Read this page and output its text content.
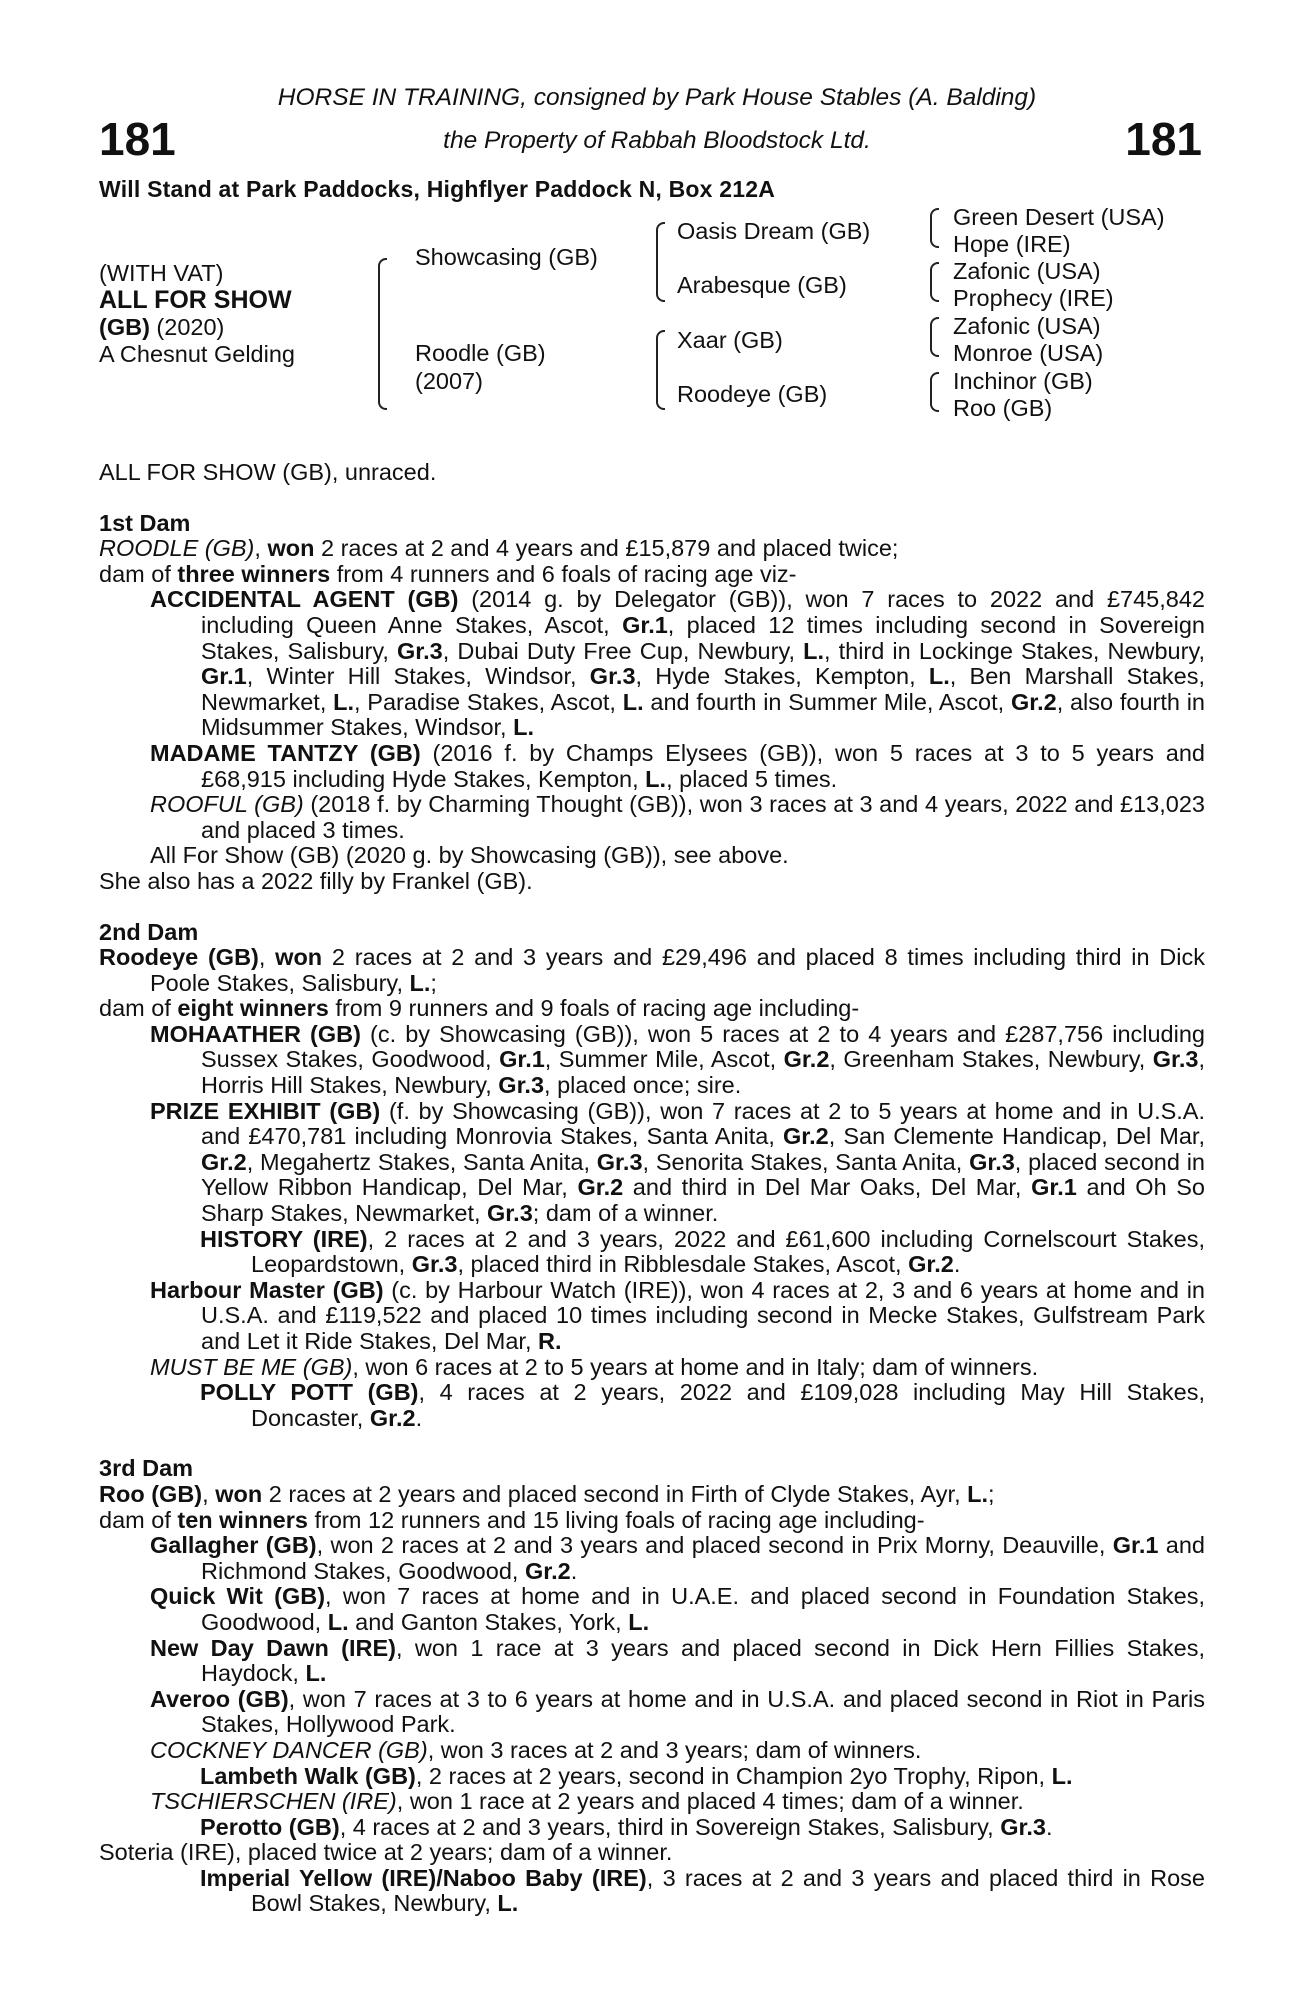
181	181
HORSE IN TRAINING, consigned by Park House Stables (A. Balding)
the Property of Rabbah Bloodstock Ltd.
Will Stand at Park Paddocks, Highflyer Paddock N, Box 212A
(WITH VAT)
ALL FOR SHOW
(GB) (2020)
A Chesnut Gelding
Showcasing (GB)
Roodle (GB)
(2007)
Oasis Dream (GB)
Arabesque (GB)
Xaar (GB)
Roodeye (GB)
Green Desert (USA)
Hope (IRE)
Zafonic (USA)
Prophecy (IRE)
Zafonic (USA)
Monroe (USA)
Inchinor (GB)
Roo (GB)

ALL FOR SHOW (GB), unraced.

1st Dam

ROODLE (GB), won 2 races at 2 and 4 years and £15,879 and placed twice;

dam of three winners from 4 runners and 6 foals of racing age viz-

ACCIDENTAL AGENT (GB) (2014 g. by Delegator (GB)), won 7 races to 2022 and £745,842 including Queen Anne Stakes, Ascot, Gr.1, placed 12 times including second in Sovereign Stakes, Salisbury, Gr.3, Dubai Duty Free Cup, Newbury, L., third in Lockinge Stakes, Newbury, Gr.1, Winter Hill Stakes, Windsor, Gr.3, Hyde Stakes, Kempton, L., Ben Marshall Stakes, Newmarket, L., Paradise Stakes, Ascot, L. and fourth in Summer Mile, Ascot, Gr.2, also fourth in Midsummer Stakes, Windsor, L.

MADAME TANTZY (GB) (2016 f. by Champs Elysees (GB)), won 5 races at 3 to 5 years and £68,915 including Hyde Stakes, Kempton, L., placed 5 times.

ROOFUL (GB) (2018 f. by Charming Thought (GB)), won 3 races at 3 and 4 years, 2022 and £13,023 and placed 3 times.

All For Show (GB) (2020 g. by Showcasing (GB)), see above.

She also has a 2022 filly by Frankel (GB).

2nd Dam

Roodeye (GB), won 2 races at 2 and 3 years and £29,496 and placed 8 times including third in Dick Poole Stakes, Salisbury, L.;

dam of eight winners from 9 runners and 9 foals of racing age including-

MOHAATHER (GB) (c. by Showcasing (GB)), won 5 races at 2 to 4 years and £287,756 including Sussex Stakes, Goodwood, Gr.1, Summer Mile, Ascot, Gr.2, Greenham Stakes, Newbury, Gr.3, Horris Hill Stakes, Newbury, Gr.3, placed once; sire.

PRIZE EXHIBIT (GB) (f. by Showcasing (GB)), won 7 races at 2 to 5 years at home and in U.S.A. and £470,781 including Monrovia Stakes, Santa Anita, Gr.2, San Clemente Handicap, Del Mar, Gr.2, Megahertz Stakes, Santa Anita, Gr.3, Senorita Stakes, Santa Anita, Gr.3, placed second in Yellow Ribbon Handicap, Del Mar, Gr.2 and third in Del Mar Oaks, Del Mar, Gr.1 and Oh So Sharp Stakes, Newmarket, Gr.3; dam of a winner.

HISTORY (IRE), 2 races at 2 and 3 years, 2022 and £61,600 including Cornelscourt Stakes, Leopardstown, Gr.3, placed third in Ribblesdale Stakes, Ascot, Gr.2.

Harbour Master (GB) (c. by Harbour Watch (IRE)), won 4 races at 2, 3 and 6 years at home and in U.S.A. and £119,522 and placed 10 times including second in Mecke Stakes, Gulfstream Park and Let it Ride Stakes, Del Mar, R.

MUST BE ME (GB), won 6 races at 2 to 5 years at home and in Italy; dam of winners.

POLLY POTT (GB), 4 races at 2 years, 2022 and £109,028 including May Hill Stakes, Doncaster, Gr.2.

3rd Dam

Roo (GB), won 2 races at 2 years and placed second in Firth of Clyde Stakes, Ayr, L.;

dam of ten winners from 12 runners and 15 living foals of racing age including-

Gallagher (GB), won 2 races at 2 and 3 years and placed second in Prix Morny, Deauville, Gr.1 and Richmond Stakes, Goodwood, Gr.2.

Quick Wit (GB), won 7 races at home and in U.A.E. and placed second in Foundation Stakes, Goodwood, L. and Ganton Stakes, York, L.

New Day Dawn (IRE), won 1 race at 3 years and placed second in Dick Hern Fillies Stakes, Haydock, L.

Averoo (GB), won 7 races at 3 to 6 years at home and in U.S.A. and placed second in Riot in Paris Stakes, Hollywood Park.

COCKNEY DANCER (GB), won 3 races at 2 and 3 years; dam of winners.

Lambeth Walk (GB), 2 races at 2 years, second in Champion 2yo Trophy, Ripon, L.

TSCHIERSCHEN (IRE), won 1 race at 2 years and placed 4 times; dam of a winner.

Perotto (GB), 4 races at 2 and 3 years, third in Sovereign Stakes, Salisbury, Gr.3.

Soteria (IRE), placed twice at 2 years; dam of a winner.

Imperial Yellow (IRE)/Naboo Baby (IRE), 3 races at 2 and 3 years and placed third in Rose Bowl Stakes, Newbury, L.
